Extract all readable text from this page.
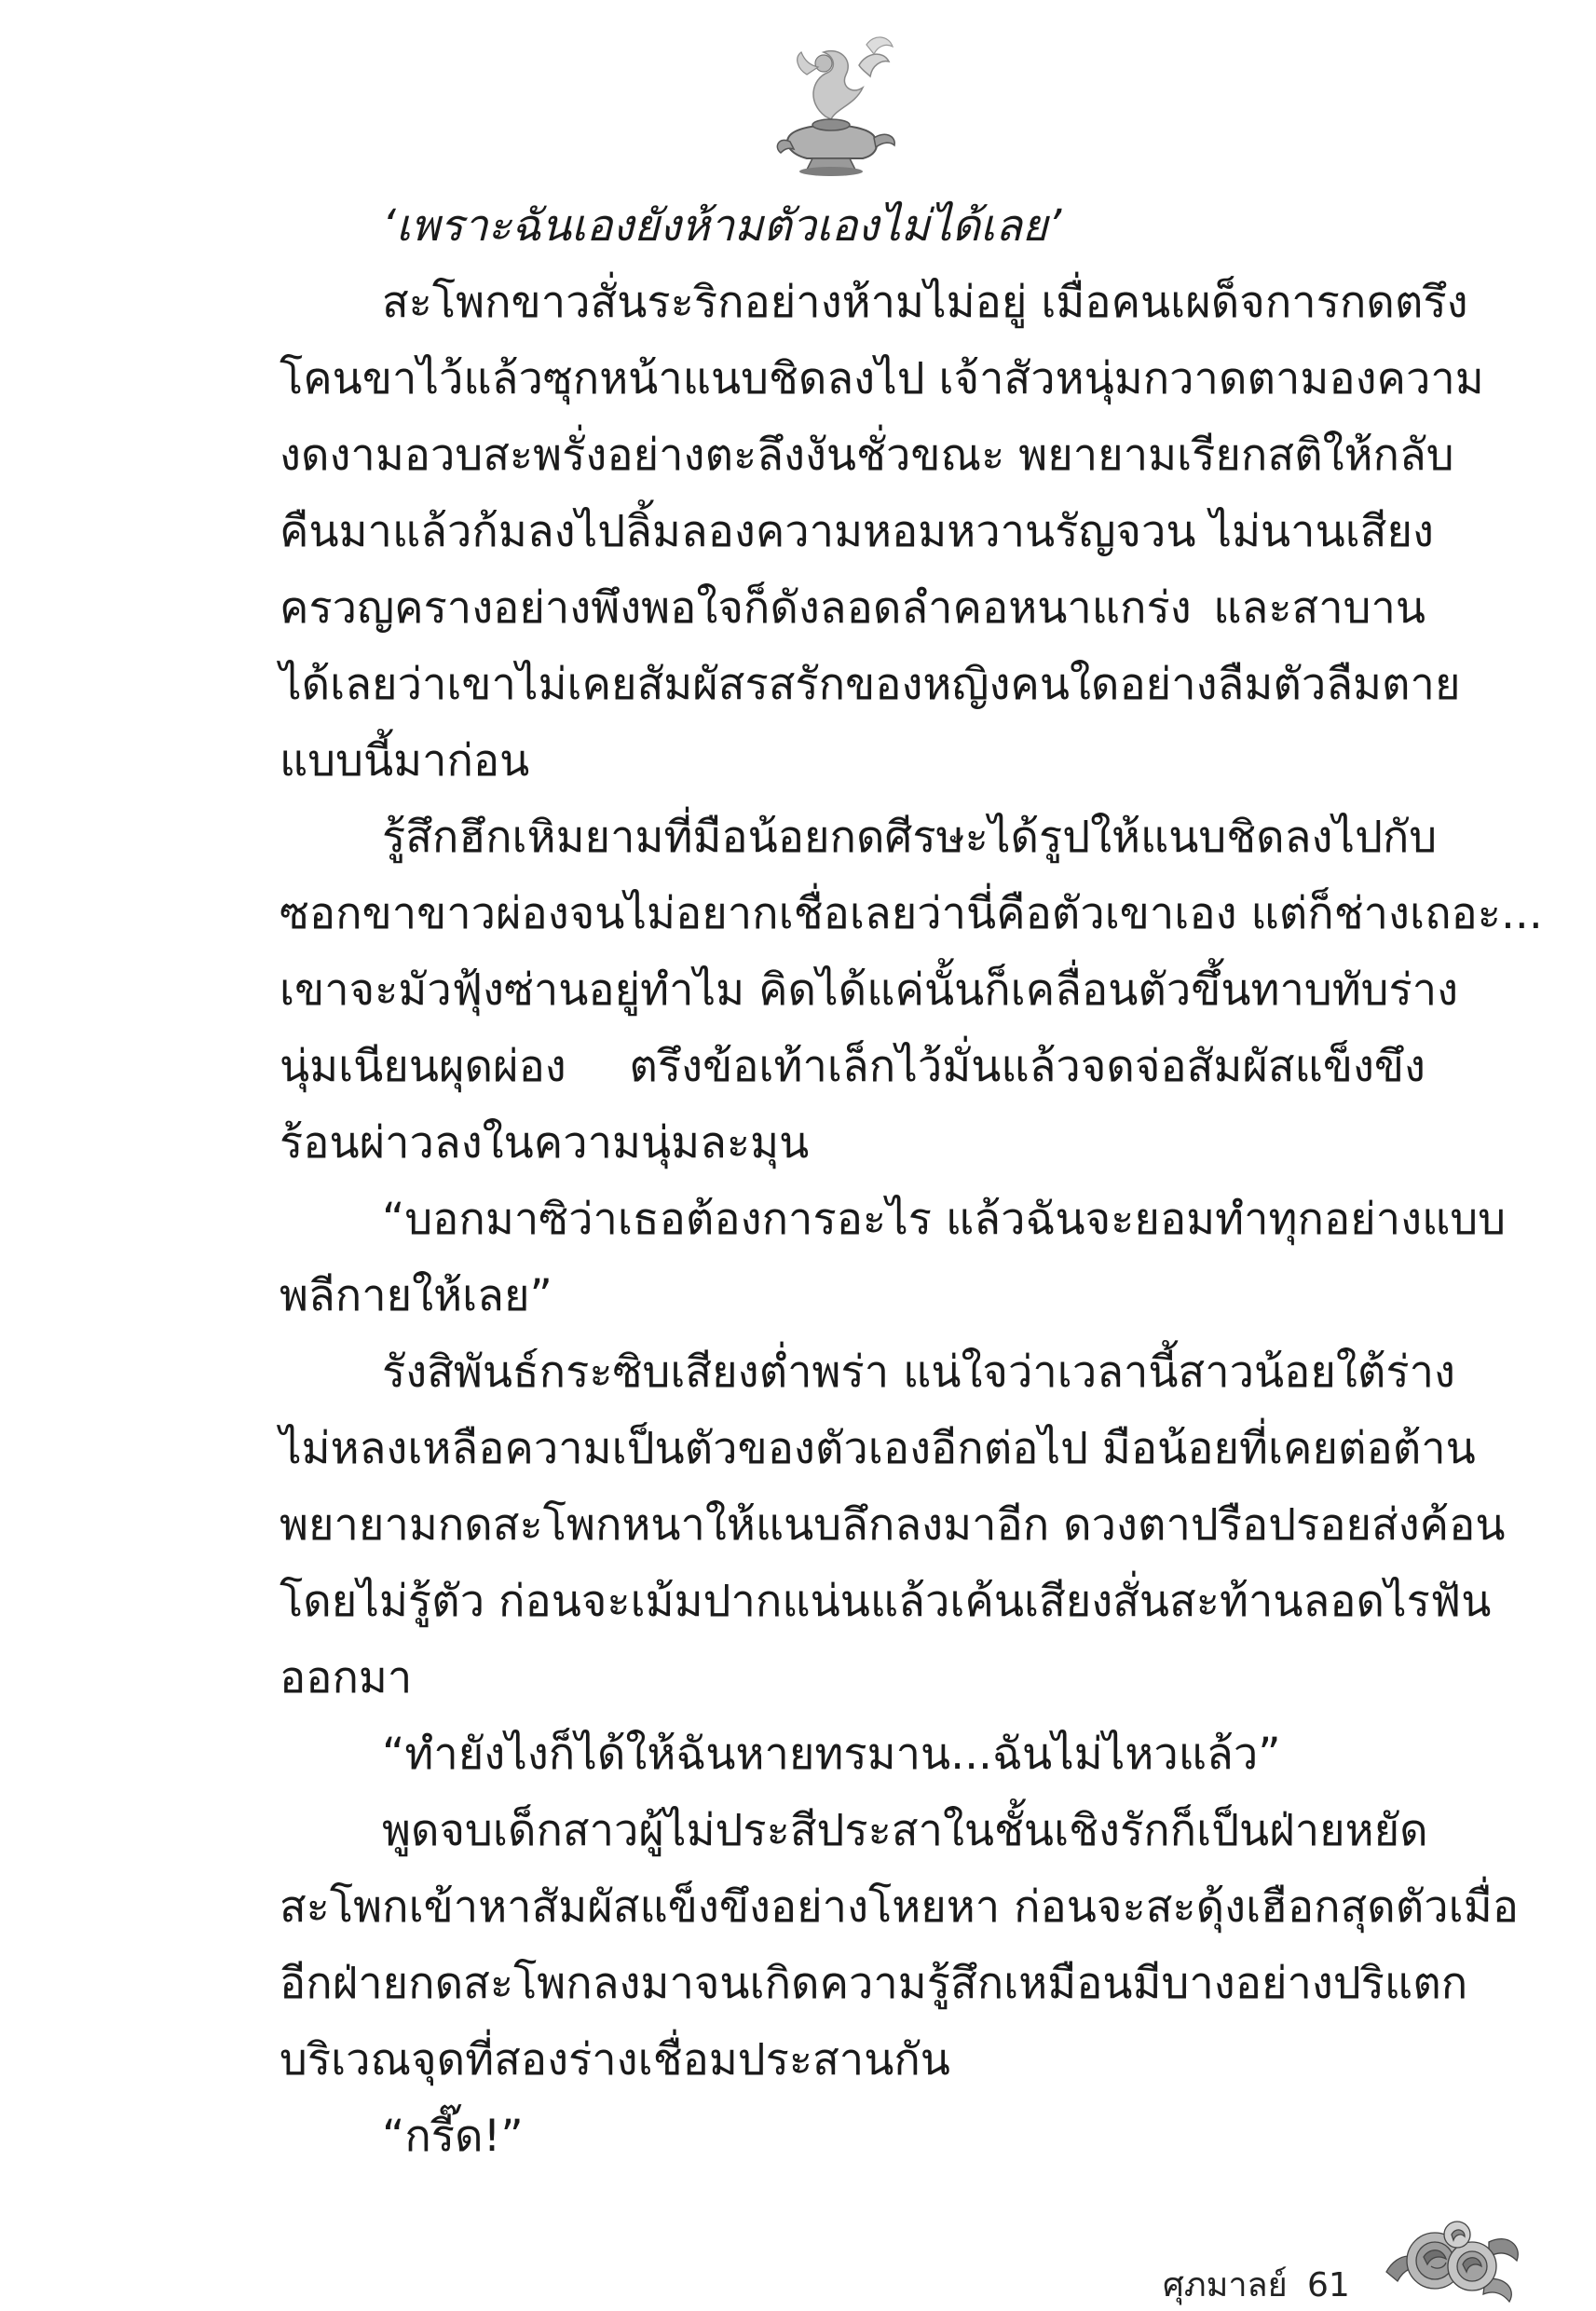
‘เพราะฉันเองยังห้ามตัวเองไม่ได้เลย’
สะโพกขาวสั่นระริกอย่างห้ามไม่อยู่ เมื่อคนเผด็จการกดตรึง
โคนขาไว้แล้วซุกหน้าแนบชิดลงไป เจ้าสัวหนุ่มกวาดตามองความ
งดงามอวบสะพรั่งอย่างตะลึงงันชั่วขณะ พยายามเรียกสติให้กลับ
คืนมาแล้วก้มลงไปลิ้มลองความหอมหวานรัญจวน ไม่นานเสียง
ครวญครางอย่างพึงพอใจก็ดังลอดลำคอหนาแกร่ง และสาบาน
ได้เลยว่าเขาไม่เคยสัมผัสรสรักของหญิงคนใดอย่างลืมตัวลืมตาย
แบบนี้มาก่อน
รู้สึกฮึกเหิมยามที่มือน้อยกดศีรษะได้รูปให้แนบชิดลงไปกับ
ซอกขาขาวผ่องจนไม่อยากเชื่อเลยว่านี่คือตัวเขาเอง แต่ก็ช่างเถอะ...
เขาจะมัวฟุ้งซ่านอยู่ทำไม คิดได้แค่นั้นก็เคลื่อนตัวขึ้นทาบทับร่าง
นุ่มเนียนผุดผ่อง ตรึงข้อเท้าเล็กไว้มั่นแล้วจดจ่อสัมผัสแข็งขึง
ร้อนผ่าวลงในความนุ่มละมุน
“บอกมาซิว่าเธอต้องการอะไร แล้วฉันจะยอมทำทุกอย่างแบบ
พลีกายให้เลย”
รังสิพันธ์กระซิบเสียงต่ำพร่า แน่ใจว่าเวลานี้สาวน้อยใต้ร่าง
ไม่หลงเหลือความเป็นตัวของตัวเองอีกต่อไป มือน้อยที่เคยต่อต้าน
พยายามกดสะโพกหนาให้แนบลึกลงมาอีก ดวงตาปรือปรอยส่งค้อน
โดยไม่รู้ตัว ก่อนจะเม้มปากแน่นแล้วเค้นเสียงสั่นสะท้านลอดไรฟัน
ออกมา
“ทำยังไงก็ได้ให้ฉันหายทรมาน...ฉันไม่ไหวแล้ว”
พูดจบเด็กสาวผู้ไม่ประสีประสาในชั้นเชิงรักก็เป็นฝ่ายหยัด
สะโพกเข้าหาสัมผัสแข็งขึงอย่างโหยหา ก่อนจะสะดุ้งเฮือกสุดตัวเมื่อ
อีกฝ่ายกดสะโพกลงมาจนเกิดความรู้สึกเหมือนมีบางอย่างปริแตก
บริเวณจุดที่สองร่างเชื่อมประสานกัน
“กรี๊ด!”
ศุภมาลย์ 61
